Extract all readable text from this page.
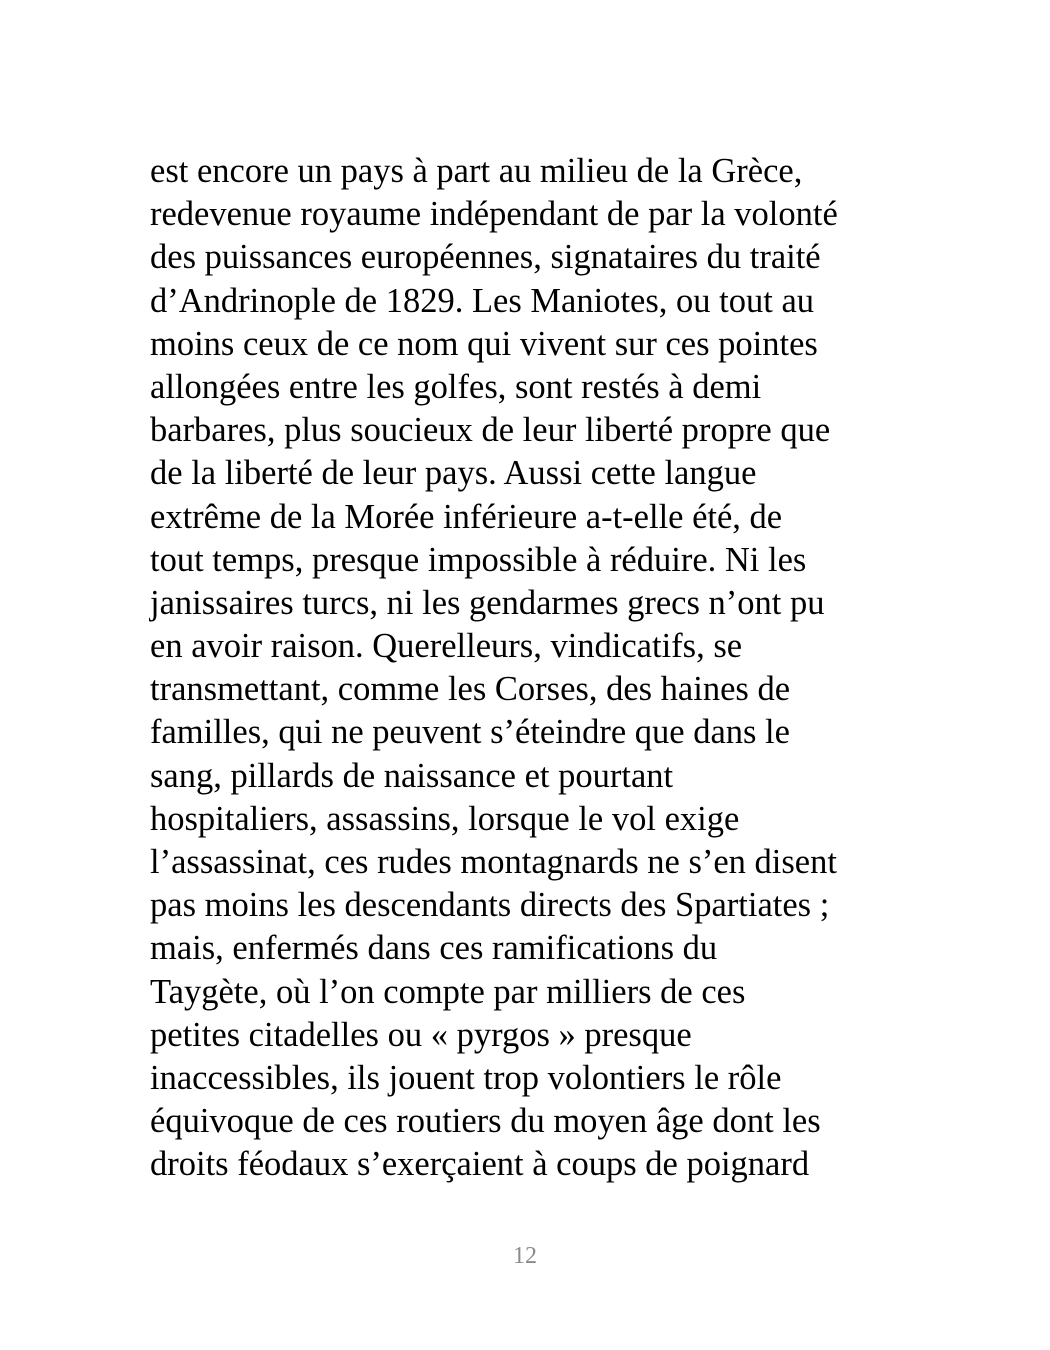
est encore un pays à part au milieu de la Grèce,
redevenue royaume indépendant de par la volonté
des puissances européennes, signataires du traité
d’Andrinople de 1829. Les Maniotes, ou tout au
moins ceux de ce nom qui vivent sur ces pointes
allongées entre les golfes, sont restés à demi
barbares, plus soucieux de leur liberté propre que
de la liberté de leur pays. Aussi cette langue
extrême de la Morée inférieure a-t-elle été, de
tout temps, presque impossible à réduire. Ni les
janissaires turcs, ni les gendarmes grecs n’ont pu
en avoir raison. Querelleurs, vindicatifs, se
transmettant, comme les Corses, des haines de
familles, qui ne peuvent s’éteindre que dans le
sang, pillards de naissance et pourtant
hospitaliers, assassins, lorsque le vol exige
l’assassinat, ces rudes montagnards ne s’en disent
pas moins les descendants directs des Spartiates ;
mais, enfermés dans ces ramifications du
Taygète, où l’on compte par milliers de ces
petites citadelles ou « pyrgos » presque
inaccessibles, ils jouent trop volontiers le rôle
équivoque de ces routiers du moyen âge dont les
droits féodaux s’exerçaient à coups de poignard
12
